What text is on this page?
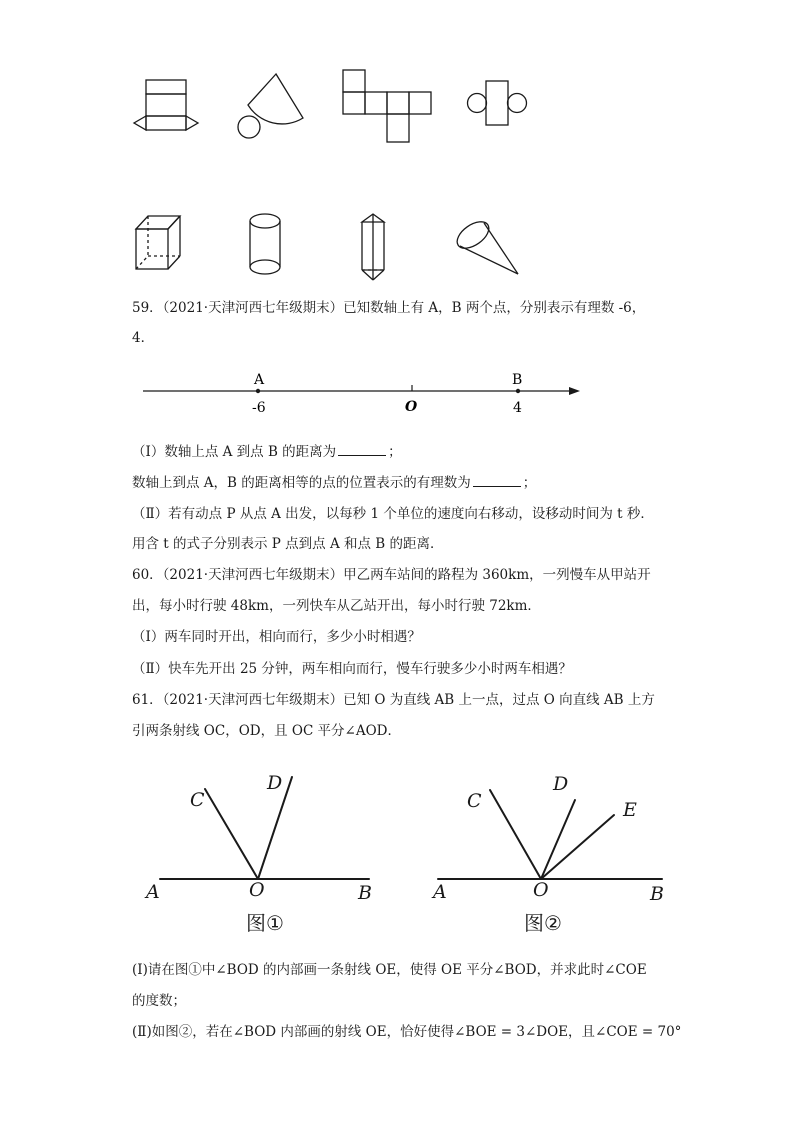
59．（2021·天津河西七年级期末）已知数轴上有 A，B 两个点，分别表示有理数 -6，
4．
A	B
-6	O	4
（Ⅰ）数轴上点 A 到点 B 的距离为	；
数轴上到点 A，B 的距离相等的点的位置表示的有理数为	；
（Ⅱ）若有动点 P 从点 A 出发，以每秒 1 个单位的速度向右移动，设移动时间为 t 秒．
用含 t 的式子分别表示 P 点到点 A 和点 B 的距离．
60．（2021·天津河西七年级期末）甲乙两车站间的路程为 360km，一列慢车从甲站开
出，每小时行驶 48km，一列快车从乙站开出，每小时行驶 72km．
（Ⅰ）两车同时开出，相向而行，多少小时相遇？
（Ⅱ）快车先开出 25 分钟，两车相向而行，慢车行驶多少小时两车相遇？
61．（2021·天津河西七年级期末）已知 O 为直线 AB 上一点，过点 O 向直线 AB 上方
引两条射线 OC，OD，且 OC 平分∠AOD．
A	O	B
C
D
A	O	B
C
D
E
图①	图②
(Ⅰ)请在图①中∠BOD 的内部画一条射线 OE，使得 OE 平分∠BOD，并求此时∠COE
的度数；
(Ⅱ)如图②，若在∠BOD 内部画的射线 OE，恰好使得∠BOE = 3∠DOE，且∠COE = 70°
